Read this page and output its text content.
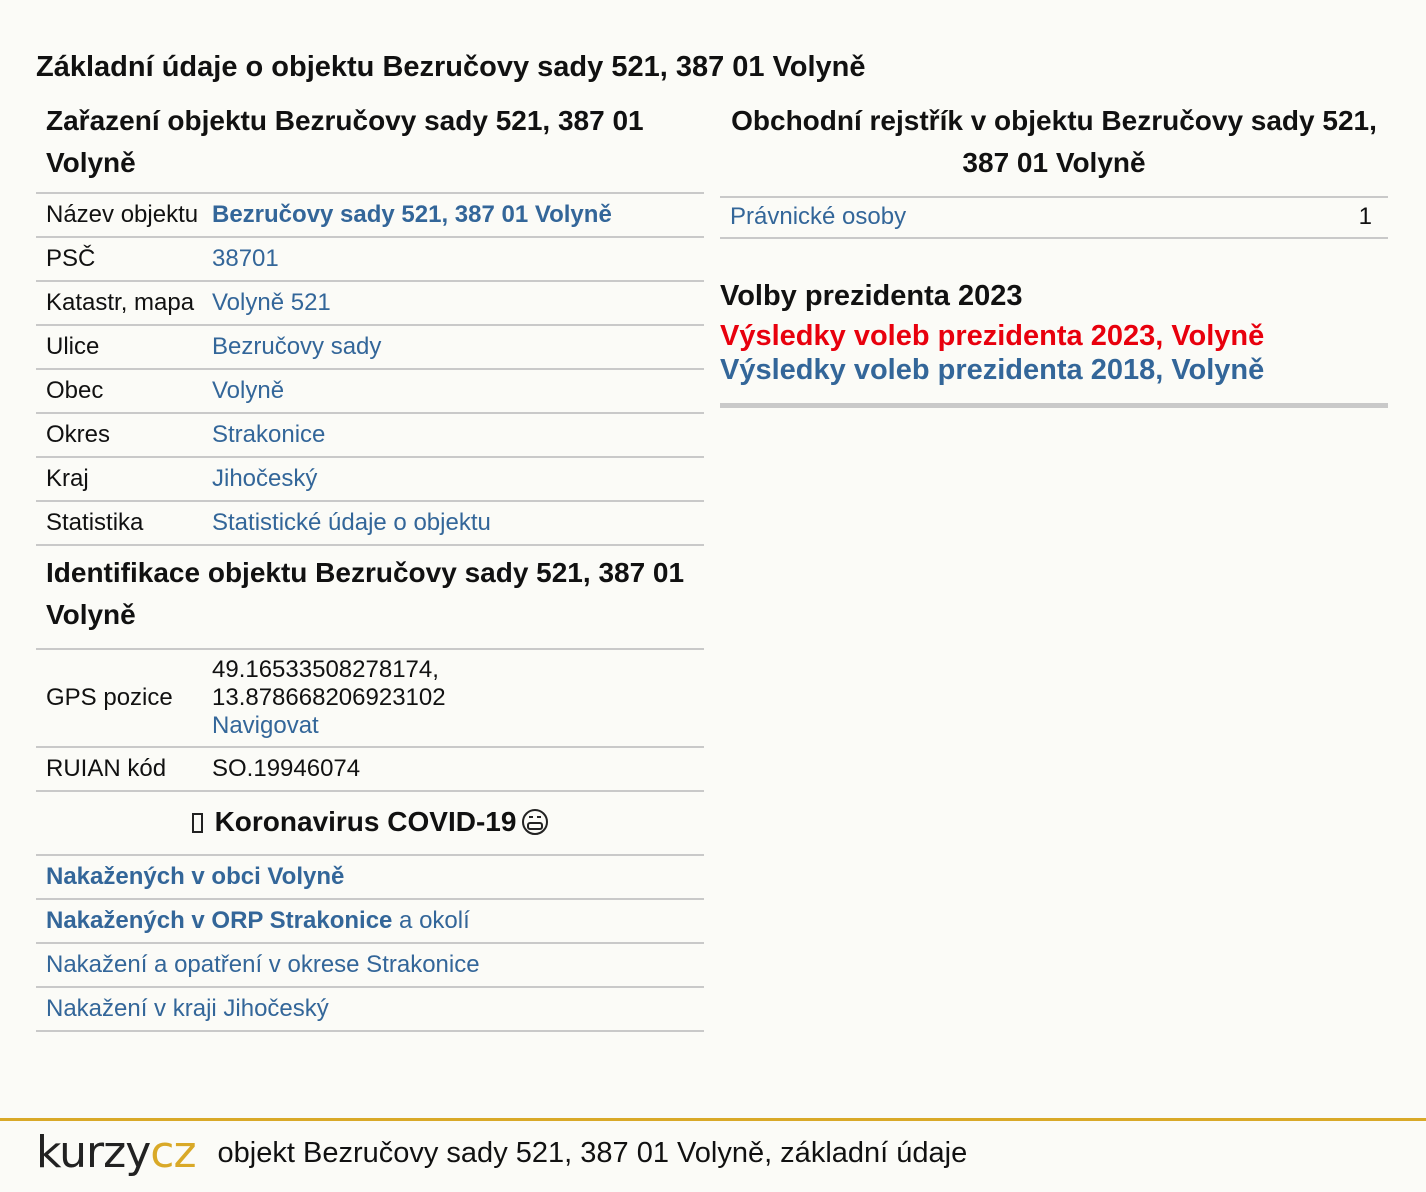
Základní údaje o objektu Bezručovy sady 521, 387 01 Volyně
Zařazení objektu Bezručovy sady 521, 387 01 Volyně
Název objektu	Bezručovy sady 521, 387 01 Volyně
PSČ	38701
Katastr, mapa	Volyně 521
Ulice	Bezručovy sady
Obec	Volyně
Okres	Strakonice
Kraj	Jihočeský
Statistika	Statistické údaje o objektu
Identifikace objektu Bezručovy sady 521, 387 01 Volyně
GPS pozice	49.16533508278174,
13.878668206923102
Navigovat
RUIAN kód	SO.19946074
Koronavirus COVID-19
Nakažených v obci Volyně
Nakažených v ORP Strakonice a okolí
Nakažení a opatření v okrese Strakonice
Nakažení v kraji Jihočeský
Obchodní rejstřík v objektu Bezručovy sady 521, 387 01 Volyně
Právnické osoby	1
Volby prezidenta 2023
Výsledky voleb prezidenta 2023, Volyně
Výsledky voleb prezidenta 2018, Volyně
kurzycz objekt Bezručovy sady 521, 387 01 Volyně, základní údaje
